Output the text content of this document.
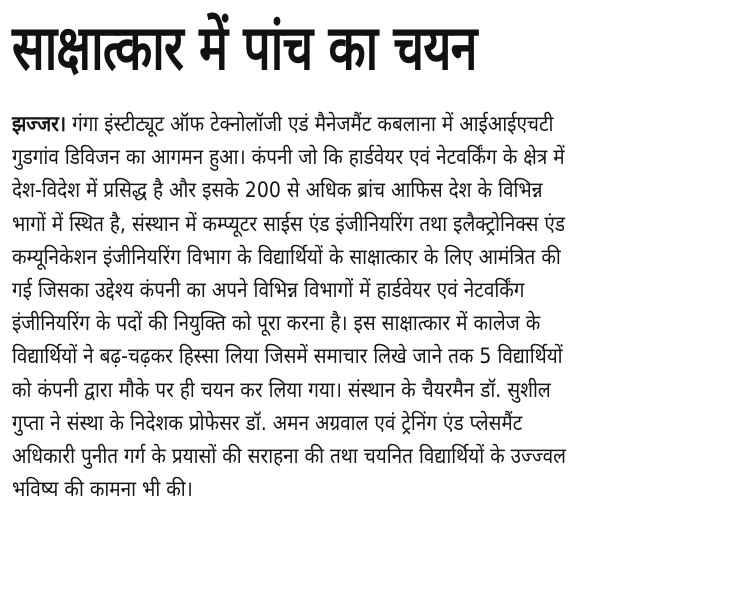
साक्षात्कार में पांच का चयन
झज्जर। गंगा इंस्टीट्यूट ऑफ टेक्नोलॉजी एडं मैनेजमैंट कबलाना में आईआईएचटी
गुडगांव डिविजन का आगमन हुआ। कंपनी जो कि हार्डवेयर एवं नेटवर्किंग के क्षेत्र में
देश-विदेश में प्रसिद्ध है और इसके 200 से अधिक ब्रांच आफिस देश के विभिन्न
भागों में स्थित है, संस्थान में कम्प्यूटर साईस एंड इंजीनियरिंग तथा इलैक्ट्रोनिक्स एंड
कम्यूनिकेशन इंजीनियरिंग विभाग के विद्यार्थियों के साक्षात्कार के लिए आमंत्रित की
गई जिसका उद्देश्य कंपनी का अपने विभिन्न विभागों में हार्डवेयर एवं नेटवर्किंग
इंजीनियरिंग के पदों की नियुक्ति को पूरा करना है। इस साक्षात्कार में कालेज के
विद्यार्थियों ने बढ़-चढ़कर हिस्सा लिया जिसमें समाचार लिखे जाने तक 5 विद्यार्थियों
को कंपनी द्वारा मौके पर ही चयन कर लिया गया। संस्थान के चैयरमैन डॉ. सुशील
गुप्ता ने संस्था के निदेशक प्रोफेसर डॉ. अमन अग्रवाल एवं ट्रेनिंग एंड प्लेसमैंट
अधिकारी पुनीत गर्ग के प्रयासों की सराहना की तथा चयनित विद्यार्थियों के उज्ज्वल
भविष्य की कामना भी की।
